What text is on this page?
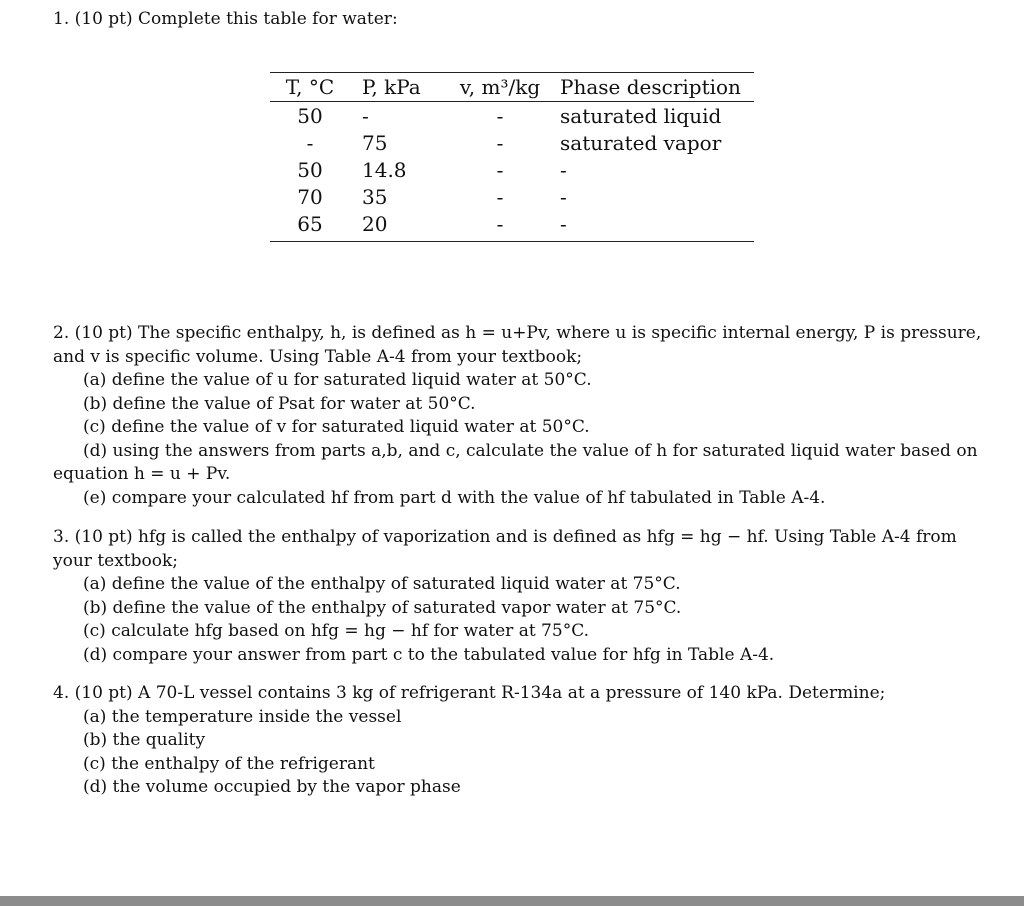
1. (10 pt) Complete this table for water:

T, °C	P, kPa	v, m³/kg	Phase description
50	-	-	saturated liquid
-	75	-	saturated vapor
50	14.8	-	-
70	35	-	-
65	20	-	-

2. (10 pt) The specific enthalpy, h, is defined as h = u+Pv, where u is specific internal energy, P is pressure, and v is specific volume. Using Table A-4 from your textbook;

(a) define the value of u for saturated liquid water at 50°C.

(b) define the value of Psat for water at 50°C.

(c) define the value of v for saturated liquid water at 50°C.

(d) using the answers from parts a,b, and c, calculate the value of h for saturated liquid water based on equation h = u + Pv.

(e) compare your calculated hf from part d with the value of hf tabulated in Table A-4.

3. (10 pt) hfg is called the enthalpy of vaporization and is defined as hfg = hg − hf. Using Table A-4 from your textbook;

(a) define the value of the enthalpy of saturated liquid water at 75°C.

(b) define the value of the enthalpy of saturated vapor water at 75°C.

(c) calculate hfg based on hfg = hg − hf for water at 75°C.

(d) compare your answer from part c to the tabulated value for hfg in Table A-4.

4. (10 pt) A 70-L vessel contains 3 kg of refrigerant R-134a at a pressure of 140 kPa. Determine;

(a) the temperature inside the vessel

(b) the quality

(c) the enthalpy of the refrigerant

(d) the volume occupied by the vapor phase
